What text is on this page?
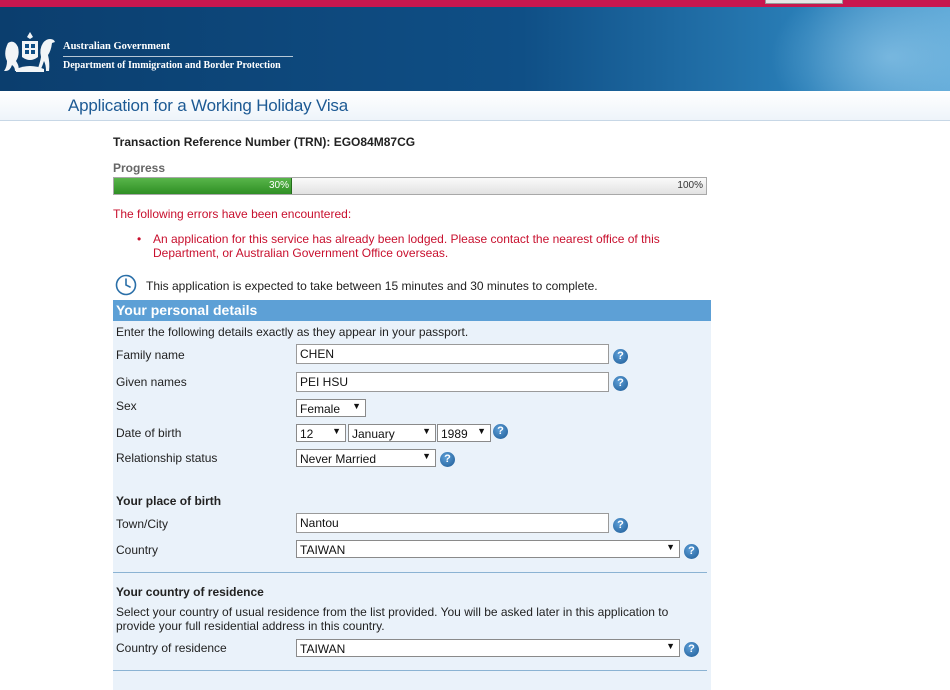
Australian Government
Department of Immigration and Border Protection
Application for a Working Holiday Visa
Transaction Reference Number (TRN): EGO84M87CG
Progress
30%	100%
The following errors have been encountered:
• An application for this service has already been lodged. Please contact the nearest office of this Department, or Australian Government Office overseas.
This application is expected to take between 15 minutes and 30 minutes to complete.
Your personal details
Enter the following details exactly as they appear in your passport.
Family name	CHEN	?
Given names	PEI HSU	?
Sex	Female ▼
Date of birth	12 ▼ January	▼ 1989 ▼	?
Relationship status	Never Married	▼	?
Your place of birth
Town/City	Nantou	?
Country	TAIWAN	▼	?
Your country of residence
Select your country of usual residence from the list provided. You will be asked later in this application to provide your full residential address in this country.
Country of residence	TAIWAN	▼	?
